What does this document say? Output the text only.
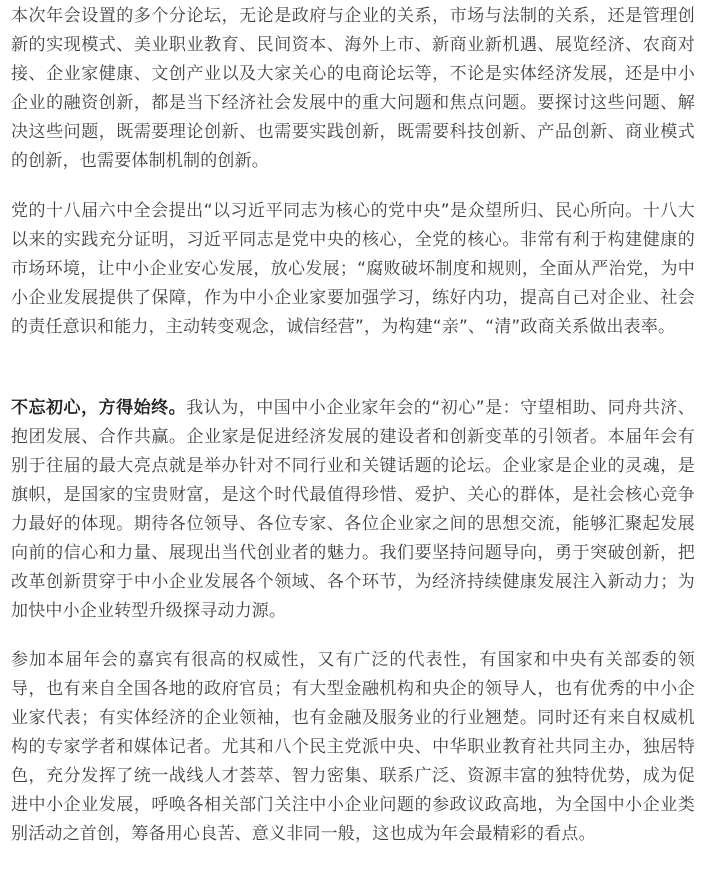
本次年会设置的多个分论坛，无论是政府与企业的关系，市场与法制的关系，还是管理创新的实现模式、美业职业教育、民间资本、海外上市、新商业新机遇、展览经济、农商对接、企业家健康、文创产业以及大家关心的电商论坛等，不论是实体经济发展，还是中小企业的融资创新，都是当下经济社会发展中的重大问题和焦点问题。要探讨这些问题、解决这些问题，既需要理论创新、也需要实践创新，既需要科技创新、产品创新、商业模式的创新，也需要体制机制的创新。

党的十八届六中全会提出“以习近平同志为核心的党中央”是众望所归、民心所向。十八大以来的实践充分证明，习近平同志是党中央的核心，全党的核心。非常有利于构建健康的市场环境，让中小企业安心发展，放心发展；“腐败破坏制度和规则，全面从严治党，为中小企业发展提供了保障，作为中小企业家要加强学习，练好内功，提高自己对企业、社会的责任意识和能力，主动转变观念，诚信经营”，为构建“亲”、“清”政商关系做出表率。

不忘初心，方得始终。我认为，中国中小企业家年会的“初心”是：守望相助、同舟共济、抱团发展、合作共赢。企业家是促进经济发展的建设者和创新变革的引领者。本届年会有别于往届的最大亮点就是举办针对不同行业和关键话题的论坛。企业家是企业的灵魂，是旗帜，是国家的宝贵财富，是这个时代最值得珍惜、爱护、关心的群体，是社会核心竞争力最好的体现。期待各位领导、各位专家、各位企业家之间的思想交流，能够汇聚起发展向前的信心和力量、展现出当代创业者的魅力。我们要坚持问题导向，勇于突破创新，把改革创新贯穿于中小企业发展各个领域、各个环节，为经济持续健康发展注入新动力；为加快中小企业转型升级探寻动力源。

参加本届年会的嘉宾有很高的权威性，又有广泛的代表性，有国家和中央有关部委的领导，也有来自全国各地的政府官员；有大型金融机构和央企的领导人，也有优秀的中小企业家代表；有实体经济的企业领袖，也有金融及服务业的行业翘楚。同时还有来自权威机构的专家学者和媒体记者。尤其和八个民主党派中央、中华职业教育社共同主办，独居特色，充分发挥了统一战线人才荟萃、智力密集、联系广泛、资源丰富的独特优势，成为促进中小企业发展，呼唤各相关部门关注中小企业问题的参政议政高地，为全国中小企业类别活动之首创，筹备用心良苦、意义非同一般，这也成为年会最精彩的看点。
